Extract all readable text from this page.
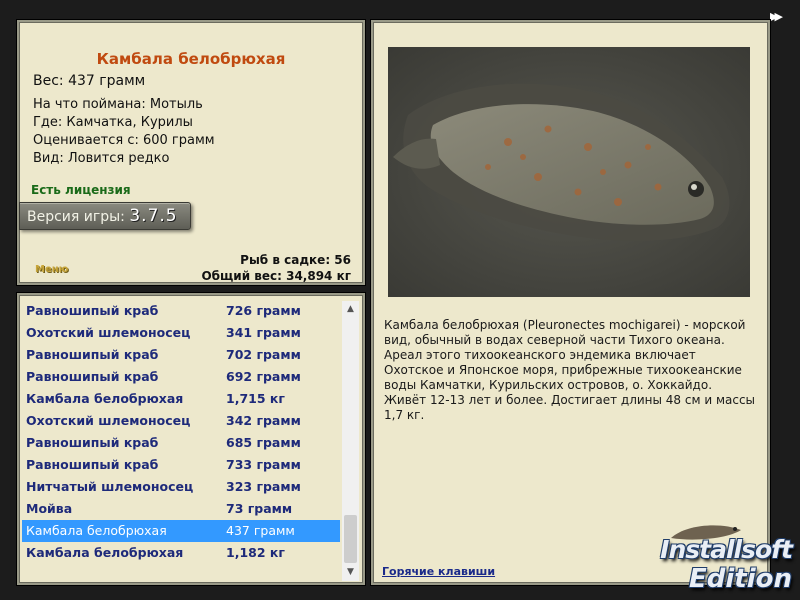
▶▶
Камбала белобрюхая
Вес: 437 грамм
На что поймана: Мотыль
Где: Камчатка, Курилы
Оценивается с: 600 грамм
Вид: Ловится редко
Есть лицензия
Версия игры: 3.7.5
Меню
Рыб в садке: 56
Общий вес: 34,894 кг
Равношипый краб	726 грамм
Охотский шлемоносец	341 грамм
Равношипый краб	702 грамм
Равношипый краб	692 грамм
Камбала белобрюхая	1,715 кг
Охотский шлемоносец	342 грамм
Равношипый краб	685 грамм
Равношипый краб	733 грамм
Нитчатый шлемоносец	323 грамм
Мойва	73 грамм
Камбала белобрюхая	437 грамм
Камбала белобрюхая	1,182 кг
▲
▼
Камбала белобрюхая (Pleuronectes mochigarei) - морской вид, обычный в водах северной части Тихого океана. Ареал этого тихоокеанского эндемика включает Охотское и Японское моря, прибрежные тихоокеанские воды Камчатки, Курильских островов, о. Хоккайдо. Живёт 12-13 лет и более. Достигает длины 48 см и массы 1,7 кг.
Горячие клавиши
Installsoft
Edition
